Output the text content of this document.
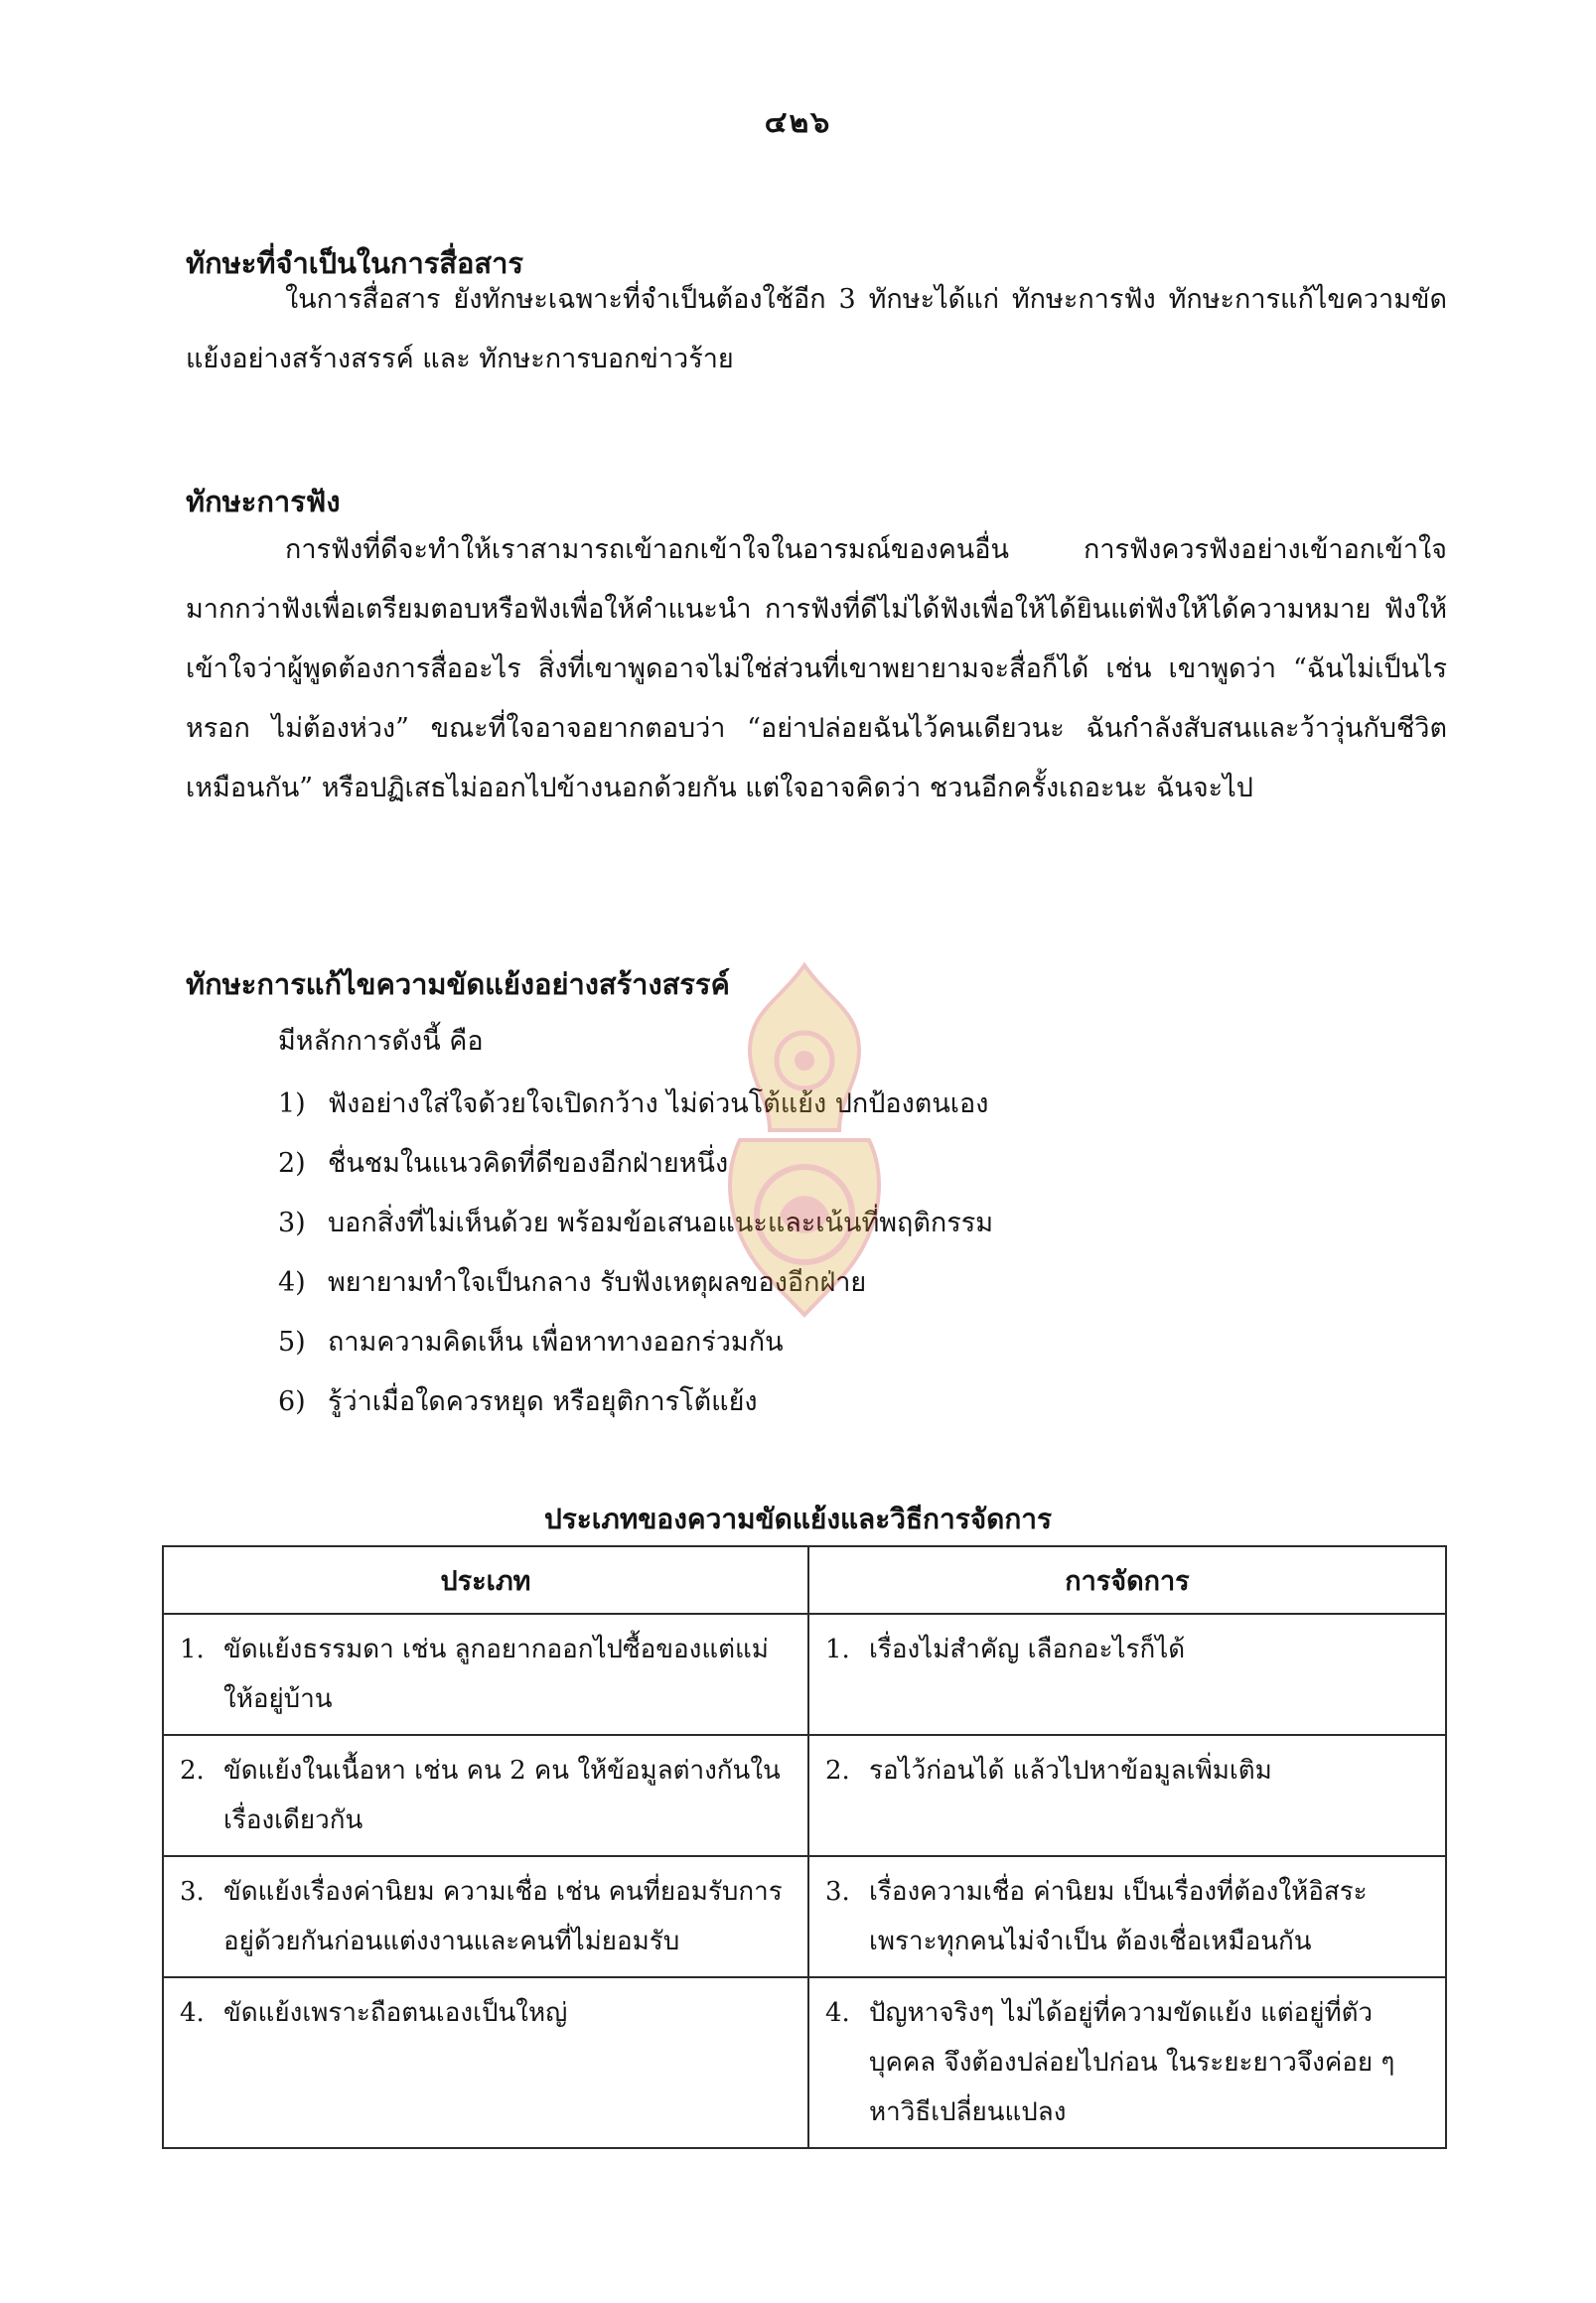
๔๒๖
ทักษะที่จำเป็นในการสื่อสาร

ในการสื่อสาร ยังทักษะเฉพาะที่จำเป็นต้องใช้อีก 3 ทักษะได้แก่ ทักษะการฟัง ทักษะการแก้ไขความขัดแย้งอย่างสร้างสรรค์ และ ทักษะการบอกข่าวร้าย

ทักษะการฟัง

การฟังที่ดีจะทำให้เราสามารถเข้าอกเข้าใจในอารมณ์ของคนอื่น การฟังควรฟังอย่างเข้าอกเข้าใจมากกว่าฟังเพื่อเตรียมตอบหรือฟังเพื่อให้คำแนะนำ การฟังที่ดีไม่ได้ฟังเพื่อให้ได้ยินแต่ฟังให้ได้ความหมาย ฟังให้เข้าใจว่าผู้พูดต้องการสื่ออะไร สิ่งที่เขาพูดอาจไม่ใช่ส่วนที่เขาพยายามจะสื่อก็ได้ เช่น เขาพูดว่า “ฉันไม่เป็นไรหรอก ไม่ต้องห่วง” ขณะที่ใจอาจอยากตอบว่า “อย่าปล่อยฉันไว้คนเดียวนะ ฉันกำลังสับสนและว้าวุ่นกับชีวิตเหมือนกัน” หรือปฏิเสธไม่ออกไปข้างนอกด้วยกัน แต่ใจอาจคิดว่า ชวนอีกครั้งเถอะนะ ฉันจะไป

ทักษะการแก้ไขความขัดแย้งอย่างสร้างสรรค์
มีหลักการดังนี้ คือ
1) ฟังอย่างใส่ใจด้วยใจเปิดกว้าง ไม่ด่วนโต้แย้ง ปกป้องตนเอง
2) ชื่นชมในแนวคิดที่ดีของอีกฝ่ายหนึ่ง
3) บอกสิ่งที่ไม่เห็นด้วย พร้อมข้อเสนอแนะและเน้นที่พฤติกรรม
4) พยายามทำใจเป็นกลาง รับฟังเหตุผลของอีกฝ่าย
5) ถามความคิดเห็น เพื่อหาทางออกร่วมกัน
6) รู้ว่าเมื่อใดควรหยุด หรือยุติการโต้แย้ง
ประเภทของความขัดแย้งและวิธีการจัดการ
ประเภท	การจัดการ

1. ขัดแย้งธรรมดา เช่น ลูกอยากออกไปซื้อของแต่แม่ให้อยู่บ้าน	1. เรื่องไม่สำคัญ เลือกอะไรก็ได้

2. ขัดแย้งในเนื้อหา เช่น คน 2 คน ให้ข้อมูลต่างกันในเรื่องเดียวกัน	2. รอไว้ก่อนได้ แล้วไปหาข้อมูลเพิ่มเติม

3. ขัดแย้งเรื่องค่านิยม ความเชื่อ เช่น คนที่ยอมรับการอยู่ด้วยกันก่อนแต่งงานและคนที่ไม่ยอมรับ	3. เรื่องความเชื่อ ค่านิยม เป็นเรื่องที่ต้องให้อิสระ เพราะทุกคนไม่จำเป็น ต้องเชื่อเหมือนกัน

4. ขัดแย้งเพราะถือตนเองเป็นใหญ่	4. ปัญหาจริงๆ ไม่ได้อยู่ที่ความขัดแย้ง แต่อยู่ที่ตัวบุคคล จึงต้องปล่อยไปก่อน ในระยะยาวจึงค่อย ๆ หาวิธีเปลี่ยนแปลง
